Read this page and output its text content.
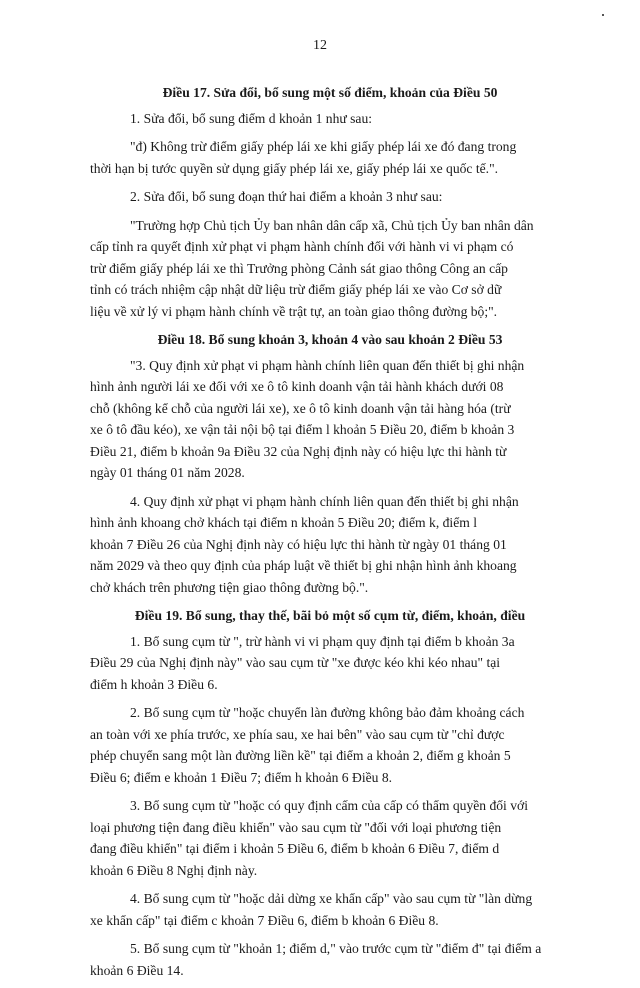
12
Điều 17. Sửa đổi, bổ sung một số điểm, khoản của Điều 50
1. Sửa đổi, bổ sung điểm d khoản 1 như sau:
"đ) Không trừ điểm giấy phép lái xe khi giấy phép lái xe đó đang trong
thời hạn bị tước quyền sử dụng giấy phép lái xe, giấy phép lái xe quốc tế.".
2. Sửa đổi, bổ sung đoạn thứ hai điểm a khoản 3 như sau:
"Trường hợp Chủ tịch Ủy ban nhân dân cấp xã, Chủ tịch Ủy ban nhân dân
cấp tỉnh ra quyết định xử phạt vi phạm hành chính đối với hành vi vi phạm có
trừ điểm giấy phép lái xe thì Trưởng phòng Cảnh sát giao thông Công an cấp
tỉnh có trách nhiệm cập nhật dữ liệu trừ điểm giấy phép lái xe vào Cơ sở dữ
liệu về xử lý vi phạm hành chính về trật tự, an toàn giao thông đường bộ;".
Điều 18. Bổ sung khoản 3, khoản 4 vào sau khoản 2 Điều 53
"3. Quy định xử phạt vi phạm hành chính liên quan đến thiết bị ghi nhận
hình ảnh người lái xe đối với xe ô tô kinh doanh vận tải hành khách dưới 08
chỗ (không kể chỗ của người lái xe), xe ô tô kinh doanh vận tải hàng hóa (trừ
xe ô tô đầu kéo), xe vận tải nội bộ tại điểm l khoản 5 Điều 20, điểm b khoản 3
Điều 21, điểm b khoản 9a Điều 32 của Nghị định này có hiệu lực thi hành từ
ngày 01 tháng 01 năm 2028.
4. Quy định xử phạt vi phạm hành chính liên quan đến thiết bị ghi nhận
hình ảnh khoang chở khách tại điểm n khoản 5 Điều 20; điểm k, điểm l
khoản 7 Điều 26 của Nghị định này có hiệu lực thi hành từ ngày 01 tháng 01
năm 2029 và theo quy định của pháp luật về thiết bị ghi nhận hình ảnh khoang
chở khách trên phương tiện giao thông đường bộ.".
Điều 19. Bổ sung, thay thế, bãi bỏ một số cụm từ, điểm, khoản, điều
1. Bổ sung cụm từ ", trừ hành vi vi phạm quy định tại điểm b khoản 3a
Điều 29 của Nghị định này" vào sau cụm từ "xe được kéo khi kéo nhau" tại
điểm h khoản 3 Điều 6.
2. Bổ sung cụm từ "hoặc chuyển làn đường không bảo đảm khoảng cách
an toàn với xe phía trước, xe phía sau, xe hai bên" vào sau cụm từ "chỉ được
phép chuyển sang một làn đường liền kề" tại điểm a khoản 2, điểm g khoản 5
Điều 6; điểm e khoản 1 Điều 7; điểm h khoản 6 Điều 8.
3. Bổ sung cụm từ "hoặc có quy định cấm của cấp có thẩm quyền đối với
loại phương tiện đang điều khiển" vào sau cụm từ "đối với loại phương tiện
đang điều khiển" tại điểm i khoản 5 Điều 6, điểm b khoản 6 Điều 7, điểm d
khoản 6 Điều 8 Nghị định này.
4. Bổ sung cụm từ "hoặc dải dừng xe khẩn cấp" vào sau cụm từ "làn dừng
xe khẩn cấp" tại điểm c khoản 7 Điều 6, điểm b khoản 6 Điều 8.
5. Bổ sung cụm từ "khoản 1; điểm d," vào trước cụm từ "điểm đ" tại điểm a
khoản 6 Điều 14.
